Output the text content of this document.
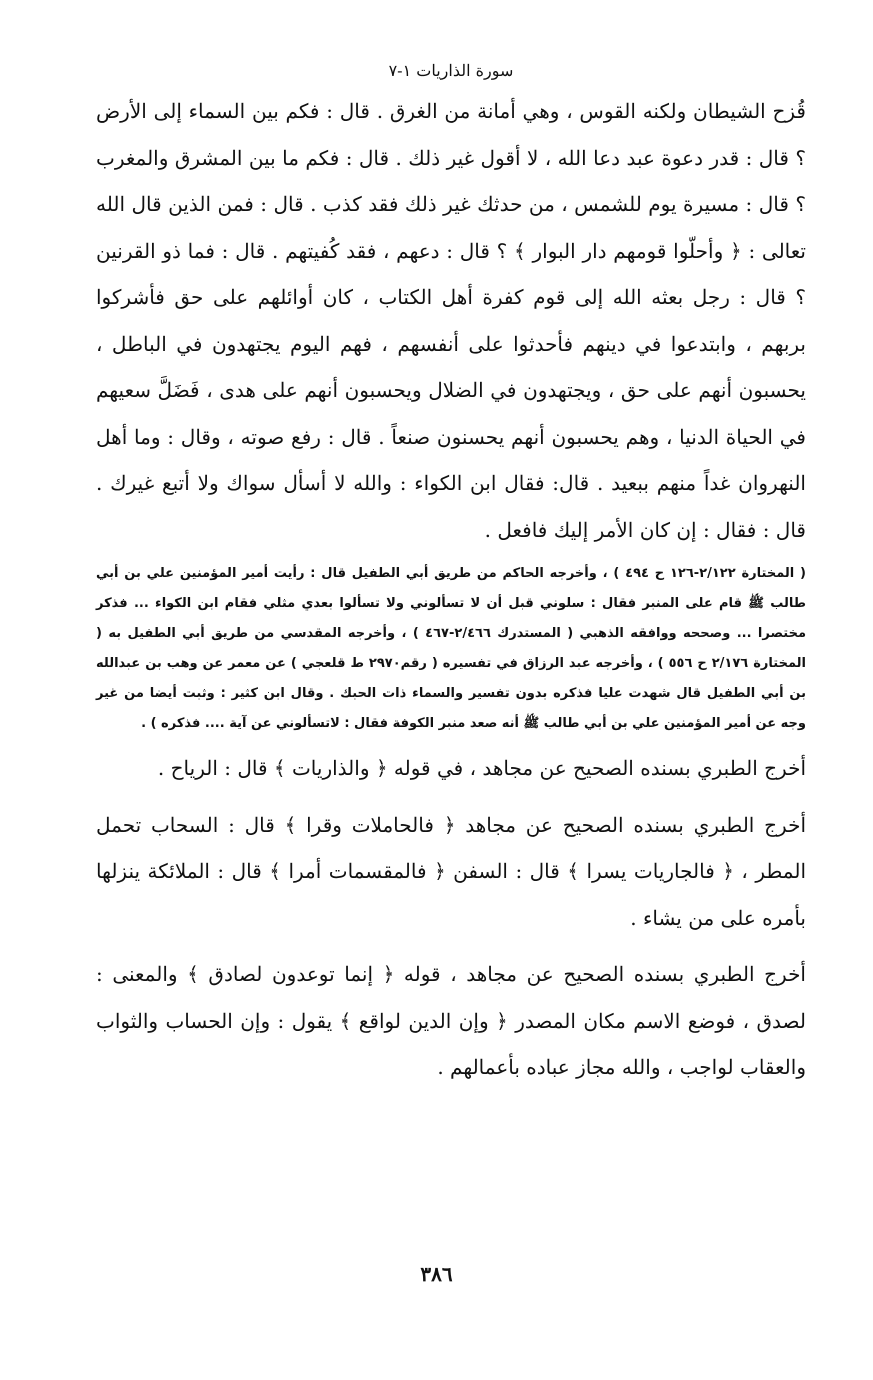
سورة الذاريات ١-٧

قُزح الشيطان ولكنه القوس ، وهي أمانة من الغرق . قال : فكم بين السماء إلى الأرض ؟ قال : قدر دعوة عبد دعا الله ، لا أقول غير ذلك . قال : فكم ما بين المشرق والمغرب ؟ قال : مسيرة يوم للشمس ، من حدثك غير ذلك فقد كذب . قال : فمن الذين قال الله تعالى : ﴿ وأحلّوا قومهم دار البوار ﴾ ؟ قال : دعهم ، فقد كُفيتهم . قال : فما ذو القرنين ؟ قال : رجل بعثه الله إلى قوم كفرة أهل الكتاب ، كان أوائلهم على حق فأشركوا بربهم ، وابتدعوا في دينهم فأحدثوا على أنفسهم ، فهم اليوم يجتهدون في الباطل ، يحسبون أنهم على حق ، ويجتهدون في الضلال ويحسبون أنهم على هدى ، فَضَلَّ سعيهم في الحياة الدنيا ، وهم يحسبون أنهم يحسنون صنعاً . قال : رفع صوته ، وقال : وما أهل النهروان غداً منهم ببعيد . قال: فقال ابن الكواء : والله لا أسأل سواك ولا أتبع غيرك . قال : فقال : إن كان الأمر إليك فافعل .

( المختارة ٢/١٢٢-١٢٦ ح ٤٩٤ ) ، وأخرجه الحاكم من طريق أبي الطفيل قال : رأيت أمير المؤمنين علي بن أبي طالب ﷺ قام على المنبر فقال : سلوني قبل أن لا تسألوني ولا تسألوا بعدي مثلي فقام ابن الكواء ... فذكر مختصرا ... وصححه ووافقه الذهبي ( المستدرك ٢/٤٦٦-٤٦٧ ) ، وأخرجه المقدسي من طريق أبي الطفيل به ( المختارة ٢/١٧٦ ح ٥٥٦ ) ، وأخرجه عبد الرزاق في تفسيره ( رقم٢٩٧٠ ط قلعجي ) عن معمر عن وهب بن عبدالله بن أبي الطفيل قال شهدت عليا فذكره بدون تفسير والسماء ذات الحبك . وقال ابن كثير : وثبت أيضا من غير وجه عن أمير المؤمنين علي بن أبي طالب ﷺ أنه صعد منبر الكوفة فقال : لاتسألوني عن آية .... فذكره ) .

أخرج الطبري بسنده الصحيح عن مجاهد ، في قوله ﴿ والذاريات ﴾ قال : الرياح .

أخرج الطبري بسنده الصحيح عن مجاهد ﴿ فالحاملات وقرا ﴾ قال : السحاب تحمل المطر ، ﴿ فالجاريات يسرا ﴾ قال : السفن ﴿ فالمقسمات أمرا ﴾ قال : الملائكة ينزلها بأمره على من يشاء .

أخرج الطبري بسنده الصحيح عن مجاهد ، قوله ﴿ إنما توعدون لصادق ﴾ والمعنى : لصدق ، فوضع الاسم مكان المصدر ﴿ وإن الدين لواقع ﴾ يقول : وإن الحساب والثواب والعقاب لواجب ، والله مجاز عباده بأعمالهم .

٣٨٦
